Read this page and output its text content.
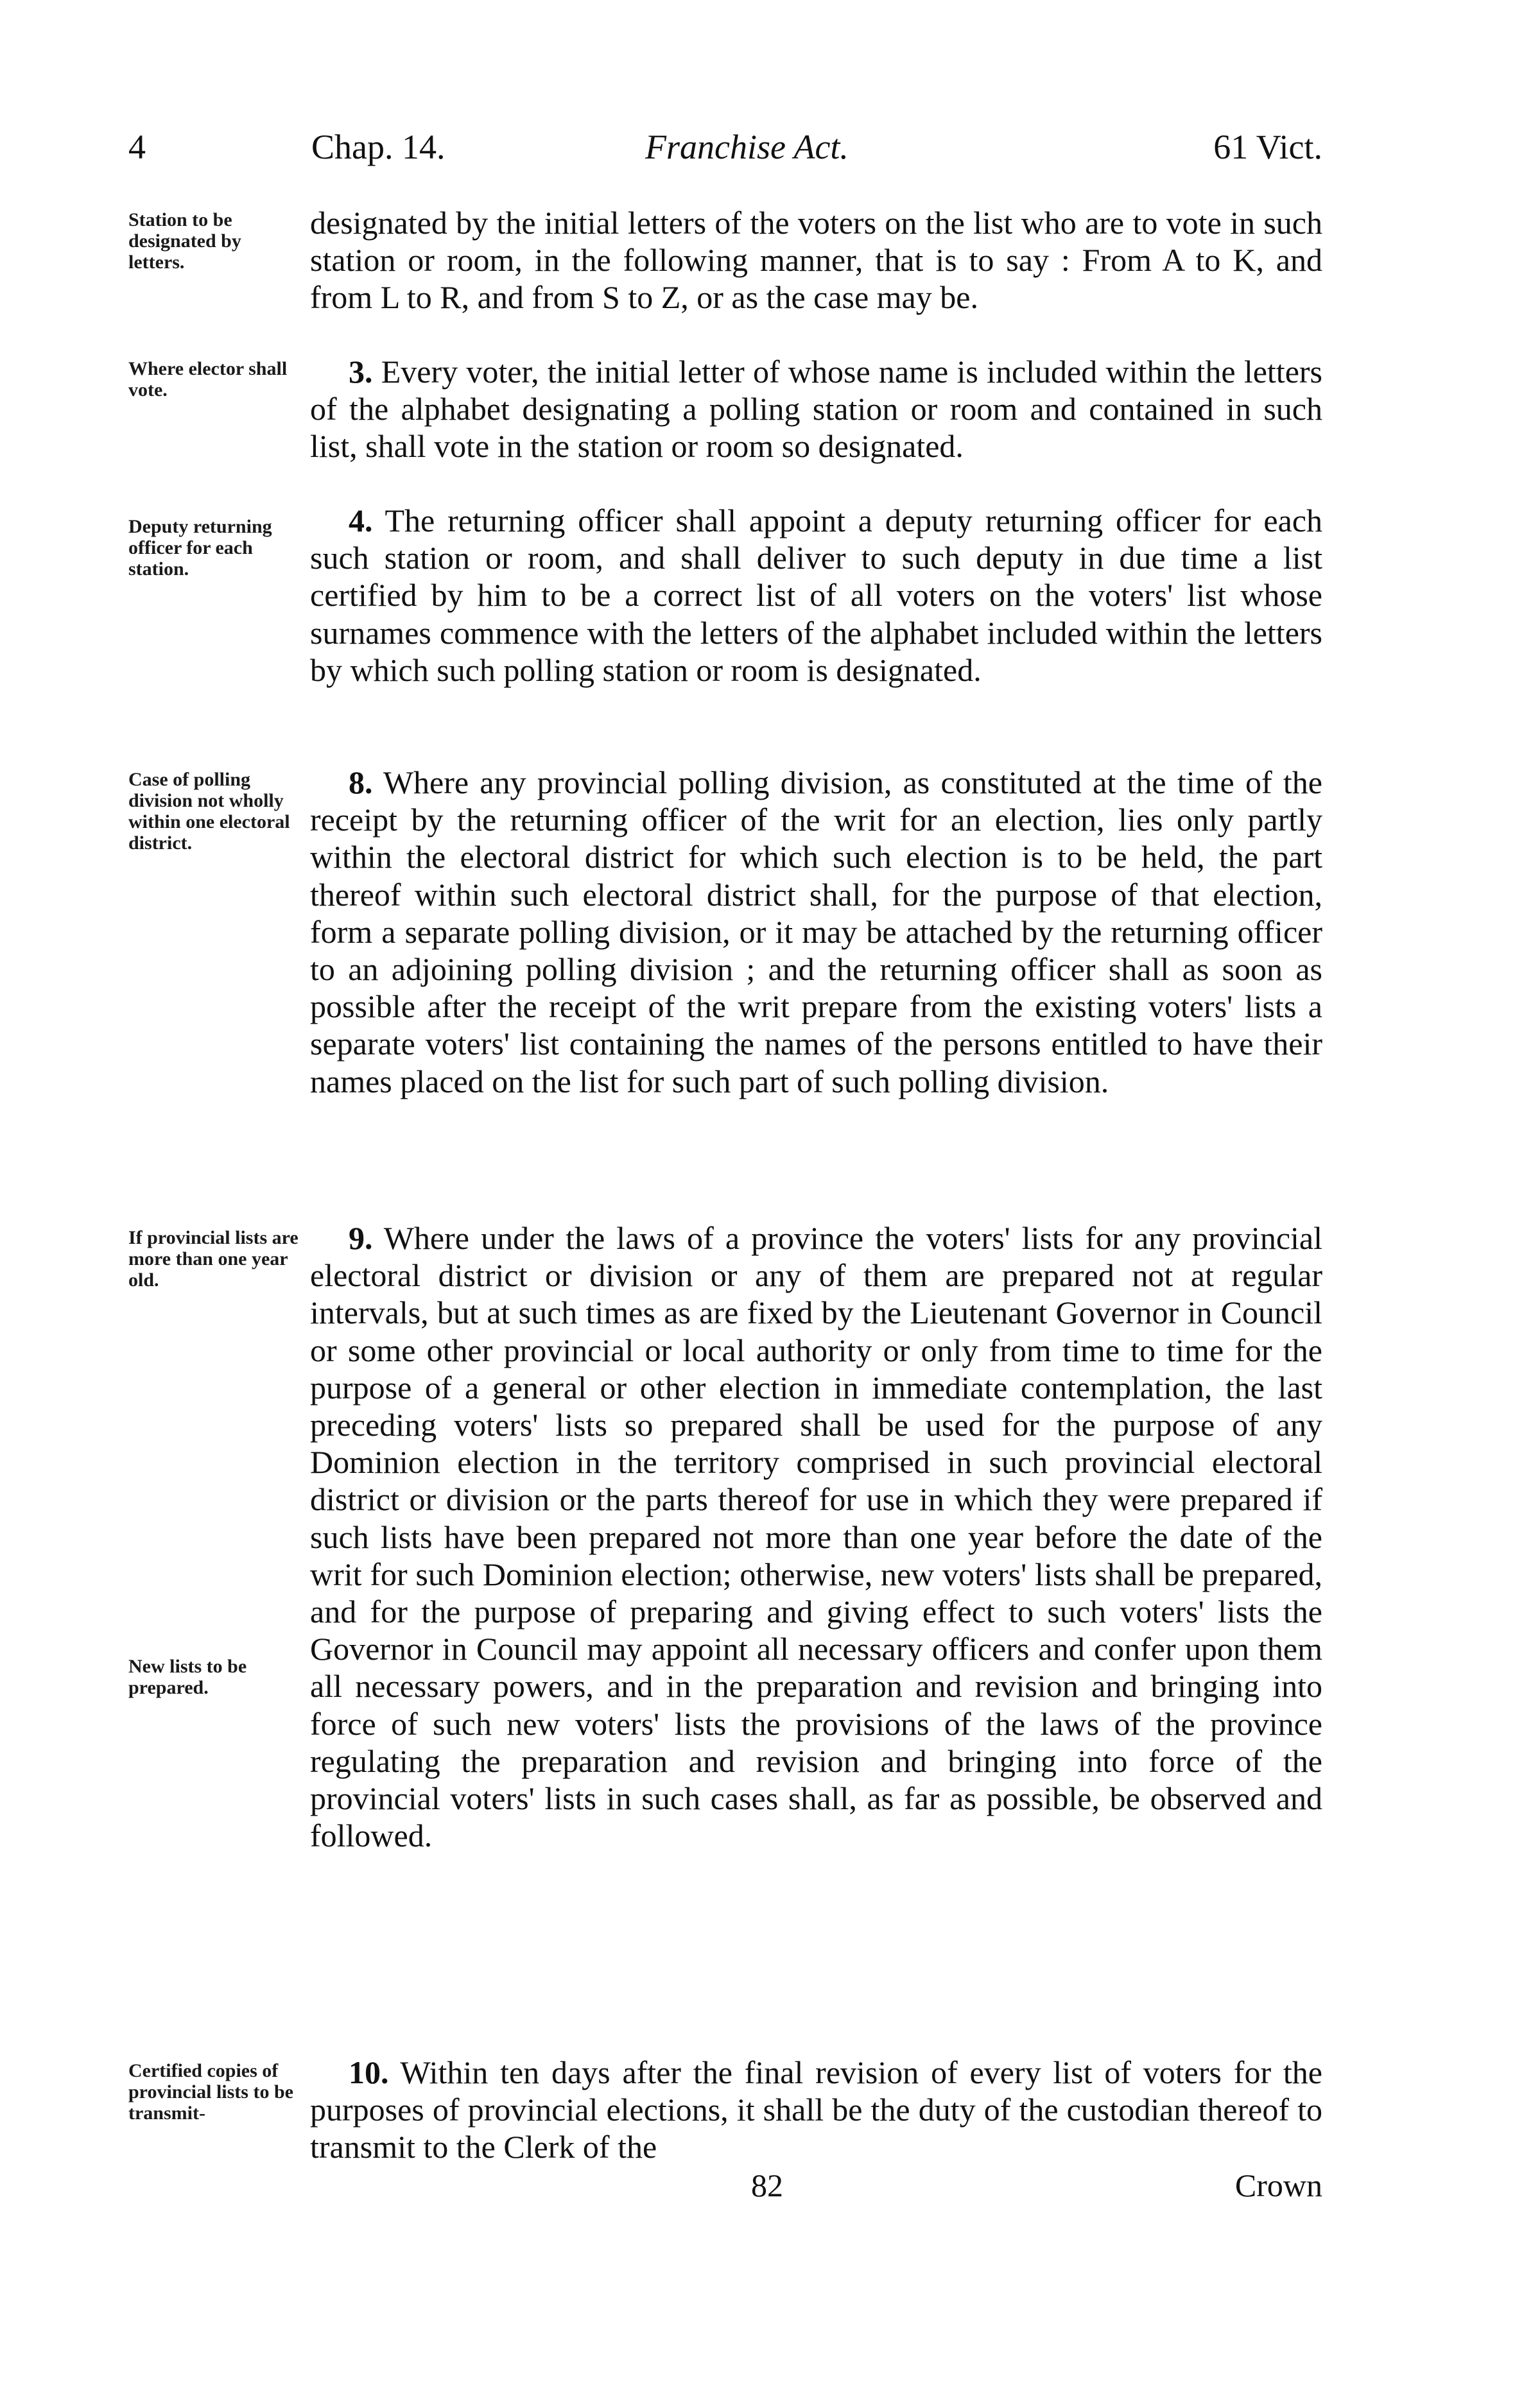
4	Chap. 14.	Franchise Act.	61 Vict.
Station to be designated by letters.
designated by the initial letters of the voters on the list who are to vote in such station or room, in the following manner, that is to say : From A to K, and from L to R, and from S to Z, or as the case may be.
Where elector shall vote.
3. Every voter, the initial letter of whose name is included within the letters of the alphabet designating a polling station or room and contained in such list, shall vote in the station or room so designated.
Deputy returning officer for each station.
4. The returning officer shall appoint a deputy returning officer for each such station or room, and shall deliver to such deputy in due time a list certified by him to be a correct list of all voters on the voters' list whose surnames commence with the letters of the alphabet included within the letters by which such polling station or room is designated.
Case of polling division not wholly within one electoral district.
8. Where any provincial polling division, as constituted at the time of the receipt by the returning officer of the writ for an election, lies only partly within the electoral district for which such election is to be held, the part thereof within such electoral district shall, for the purpose of that election, form a separate polling division, or it may be attached by the returning officer to an adjoining polling division ; and the returning officer shall as soon as possible after the receipt of the writ prepare from the existing voters' lists a separate voters' list containing the names of the persons entitled to have their names placed on the list for such part of such polling division.
If provincial lists are more than one year old.
New lists to be prepared.
9. Where under the laws of a province the voters' lists for any provincial electoral district or division or any of them are prepared not at regular intervals, but at such times as are fixed by the Lieutenant Governor in Council or some other provincial or local authority or only from time to time for the purpose of a general or other election in immediate contemplation, the last preceding voters' lists so prepared shall be used for the purpose of any Dominion election in the territory comprised in such provincial electoral district or division or the parts thereof for use in which they were prepared if such lists have been prepared not more than one year before the date of the writ for such Dominion election; otherwise, new voters' lists shall be prepared, and for the purpose of preparing and giving effect to such voters' lists the Governor in Council may appoint all necessary officers and confer upon them all necessary powers, and in the preparation and revision and bringing into force of such new voters' lists the provisions of the laws of the province regulating the preparation and revision and bringing into force of the provincial voters' lists in such cases shall, as far as possible, be observed and followed.
Certified copies of provincial lists to be transmit-
10. Within ten days after the final revision of every list of voters for the purposes of provincial elections, it shall be the duty of the custodian thereof to transmit to the Clerk of the
82	Crown
